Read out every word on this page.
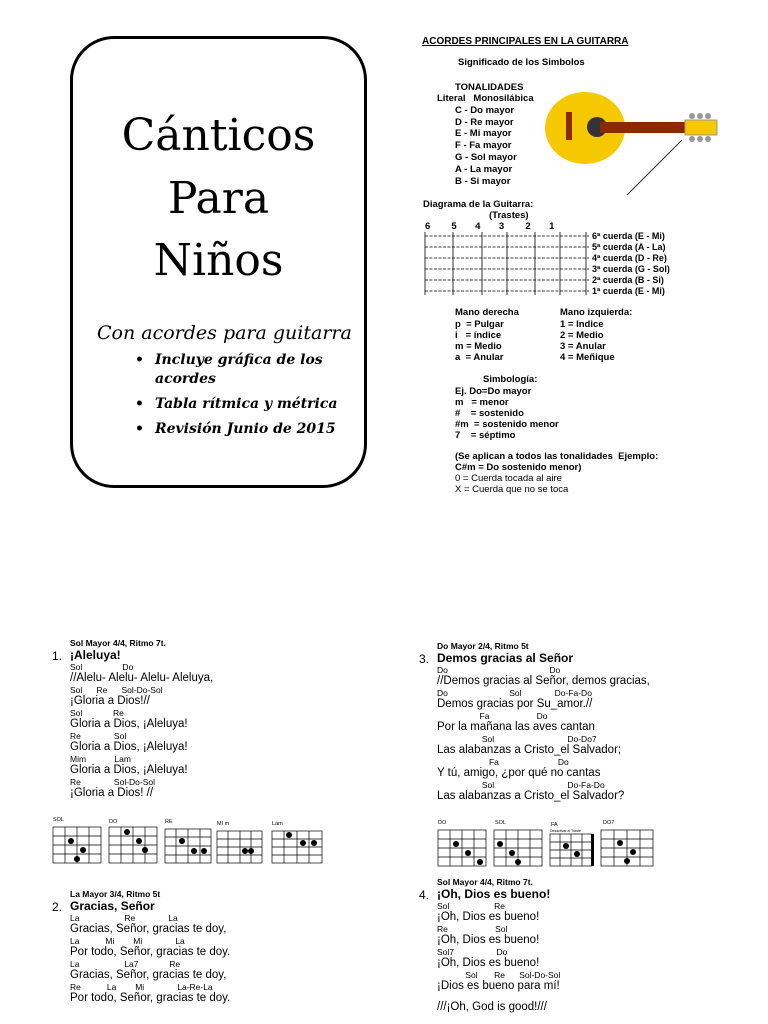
Cánticos
Para
Niños
Con acordes para guitarra
• Incluye gráfica de los acordes
• Tabla rítmica y métrica
• Revisión Junio de 2015
ACORDES PRINCIPALES EN LA GUITARRA
Significado de los Simbolos
TONALIDADES
Literal   Monosilábica
C - Do mayor
D - Re mayor
E - Mi mayor
F - Fa mayor
G - Sol mayor
A - La mayor
B - Si mayor
Diagrama de la Guitarra:
(Trastes)
6        5       4       3        2       1
6ª cuerda (E - Mi)
5ª cuerda (A - La)
4ª cuerda (D - Re)
3ª cuerda (G - Sol)
2ª cuerda (B - Si)
1ª cuerda (E - Mi)
Mano derecha
p  = Pulgar
i   = índice
m = Medio
a  = Anular
Mano izquierda:
1 = Indice
2 = Medio
3 = Anular
4 = Meñique
Simbología:
Ej. Do=Do mayor
m   = menor
#    = sostenido
#m  = sostenido menor
7    = séptimo
(Se aplican a todos las tonalidades  Ejemplo:
C#m = Do sostenido menor)
0 = Cuerda tocada al aire
X = Cuerda que no se toca
Sol Mayor 4/4, Ritmo 7t.
1. ¡Aleluya!
Sol                 Do
//Alelu- Alelu- Alelu- Aleluya,
Sol      Re      Sol-Do-Sol
¡Gloria a Dios!//
Sol             Re
Gloria a Dios, ¡Aleluya!
Re              Sol
Gloria a Dios, ¡Aleluya!
Mim            Lam
Gloria a Dios, ¡Aleluya!
Re              Sol-Do-Sol
¡Gloria a Dios! //
SOL	DO	RE	MI m	Lam
La Mayor 3/4, Ritmo 5t
2. Gracias, Señor
La                   Re              La
Gracias, Señor, gracias te doy,
La           Mi        Mi              La
Por todo, Señor, gracias te doy.
La                   La7             Re
Gracias, Señor, gracias te doy,
Re           La        Mi              La-Re-La
Por todo, Señor, gracias te doy.
Do Mayor 2/4, Ritmo 5t
3. Demos gracias al Señor
Do                                           Do
//Demos gracias al Señor, demos gracias,
Do                          Sol              Do-Fa-Do
Demos gracias por Su_amor.//
Fa                    Do
Por la mañana las aves cantan
Sol                               Do-Do7
Las alabanzas a Cristo_el Salvador;
Fa                         Do
Y tú, amigo, ¿por qué no cantas
Sol                               Do-Fa-Do
Las alabanzas a Cristo_el Salvador?
DO	SOL	FA	DO7
Desactivar el Traste
Sol Mayor 4/4, Ritmo 7t.
4. ¡Oh, Dios es bueno!
Sol                   Re
¡Oh, Dios es bueno!
Re                    Sol
¡Oh, Dios es bueno!
Sol7                  Do
¡Oh, Dios es bueno!
Sol       Re      Sol-Do-Sol
¡Dios es bueno para mí!
///¡Oh, God is good!///
